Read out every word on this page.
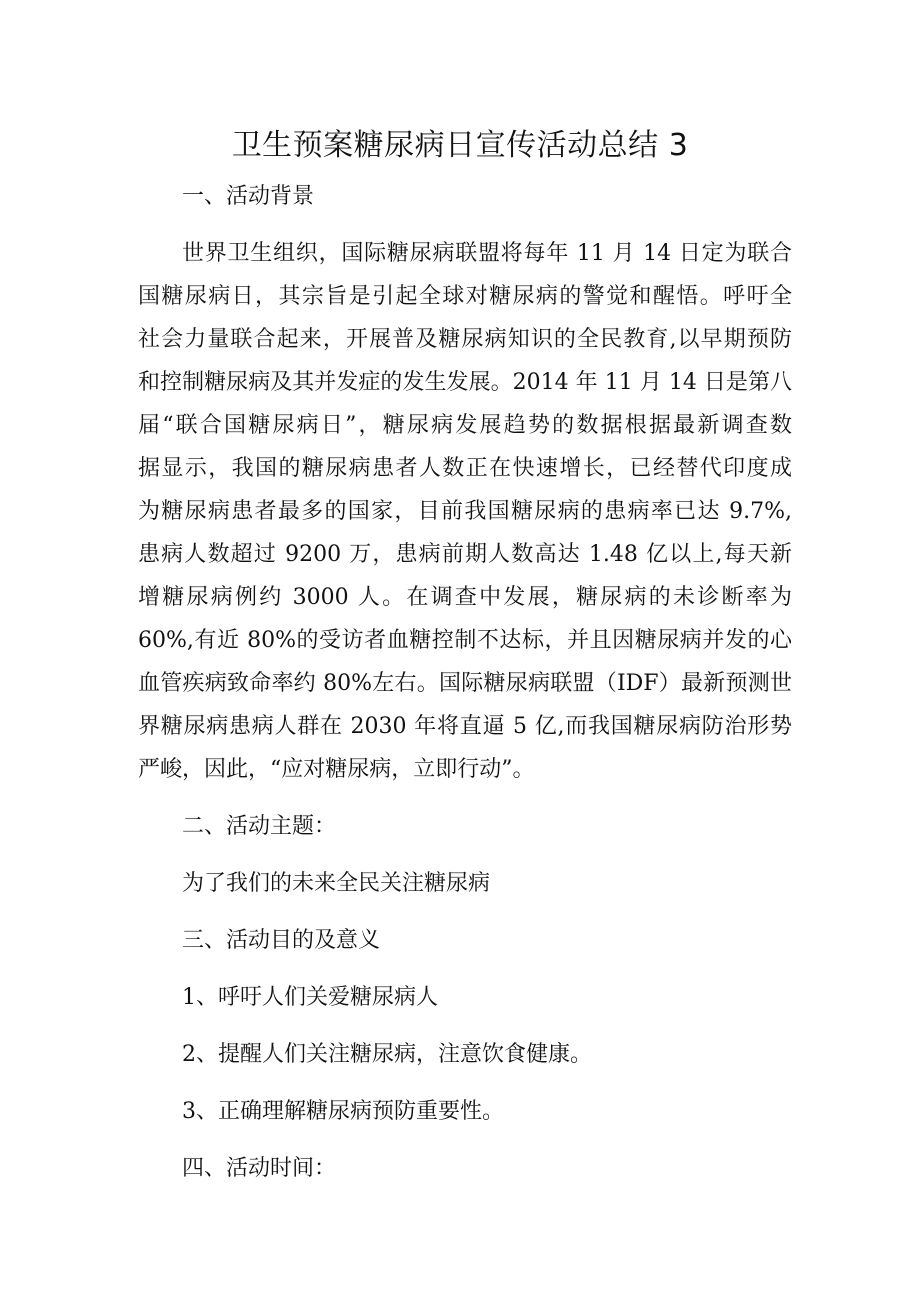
卫生预案糖尿病日宣传活动总结 3

一、活动背景

世界卫生组织，国际糖尿病联盟将每年 11 月 14 日定为联合

国糖尿病日，其宗旨是引起全球对糖尿病的警觉和醒悟。呼吁全

社会力量联合起来，开展普及糖尿病知识的全民教育,以早期预防

和控制糖尿病及其并发症的发生发展。2014 年 11 月 14 日是第八

届“联合国糖尿病日”，糖尿病发展趋势的数据根据最新调查数

据显示，我国的糖尿病患者人数正在快速增长，已经替代印度成

为糖尿病患者最多的国家，目前我国糖尿病的患病率已达 9.7%,

患病人数超过 9200 万，患病前期人数高达 1.48 亿以上,每天新

增糖尿病例约 3000 人。在调查中发展，糖尿病的未诊断率为

60%,有近 80%的受访者血糖控制不达标，并且因糖尿病并发的心

血管疾病致命率约 80%左右。国际糖尿病联盟（IDF）最新预测世

界糖尿病患病人群在 2030 年将直逼 5 亿,而我国糖尿病防治形势

严峻，因此，“应对糖尿病，立即行动”。

二、活动主题：

为了我们的未来全民关注糖尿病

三、活动目的及意义

1、呼吁人们关爱糖尿病人

2、提醒人们关注糖尿病，注意饮食健康。

3、正确理解糖尿病预防重要性。

四、活动时间：
